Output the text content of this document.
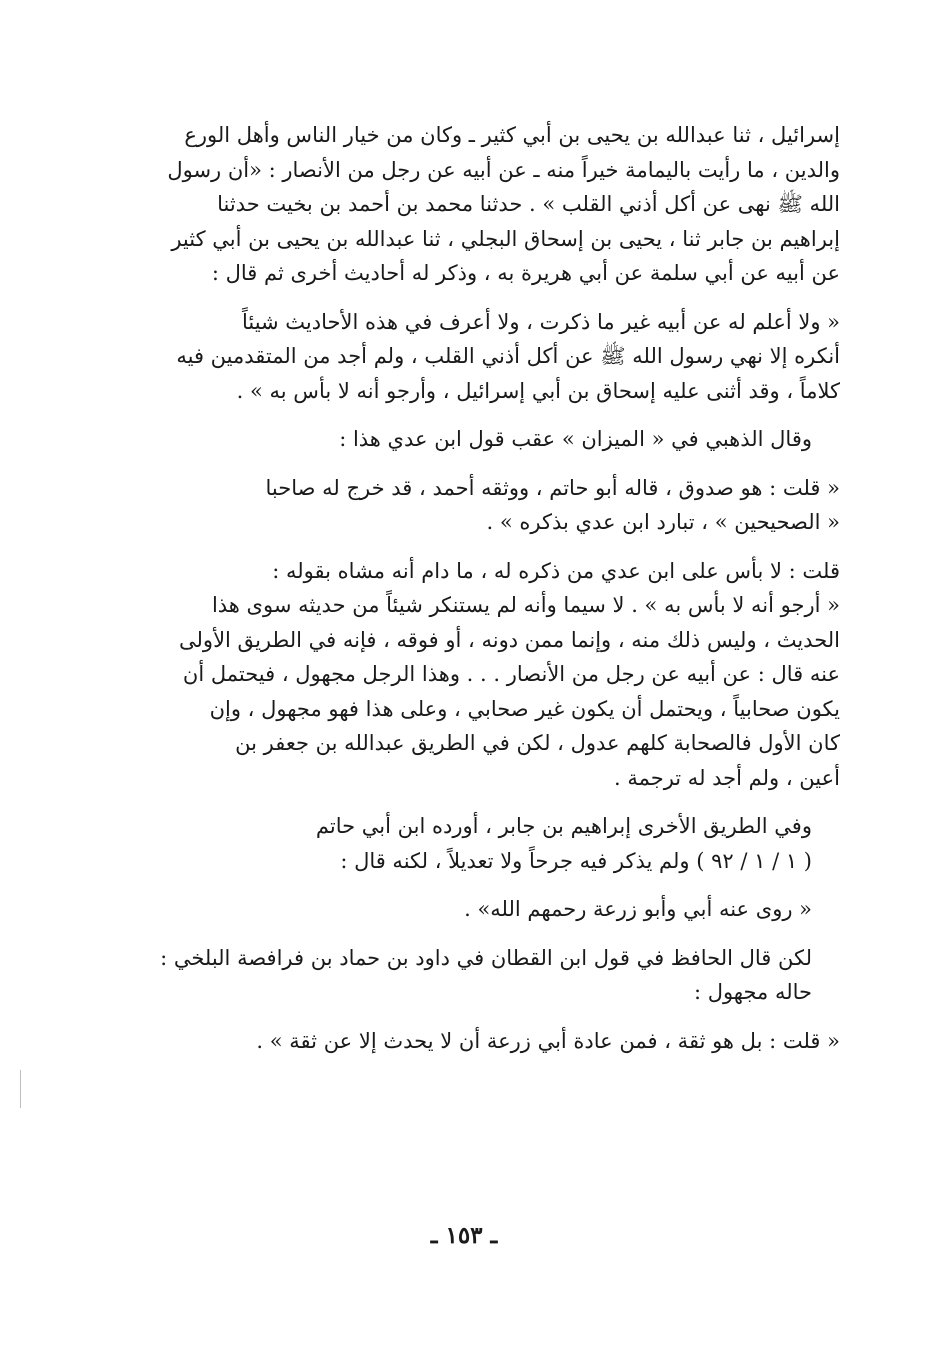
إسرائيل ، ثنا عبدالله بن يحيى بن أبي كثير ـ وكان من خيار الناس وأهل الورع
والدين ، ما رأيت باليمامة خيراً منه ـ عن أبيه عن رجل من الأنصار : «أن رسول
الله ﷺ نهى عن أكل أذني القلب » . حدثنا محمد بن أحمد بن بخيت حدثنا
إبراهيم بن جابر ثنا ، يحيى بن إسحاق البجلي ، ثنا عبدالله بن يحيى بن أبي كثير
عن أبيه عن أبي سلمة عن أبي هريرة به ، وذكر له أحاديث أخرى ثم قال :

« ولا أعلم له عن أبيه غير ما ذكرت ، ولا أعرف في هذه الأحاديث شيئاً
أنكره إلا نهي رسول الله ﷺ عن أكل أذني القلب ، ولم أجد من المتقدمين فيه
كلاماً ، وقد أثنى عليه إسحاق بن أبي إسرائيل ، وأرجو أنه لا بأس به » .

وقال الذهبي في « الميزان » عقب قول ابن عدي هذا :

« قلت : هو صدوق ، قاله أبو حاتم ، ووثقه أحمد ، قد خرج له صاحبا
« الصحيحين » ، تبارد ابن عدي بذكره » .

قلت : لا بأس على ابن عدي من ذكره له ، ما دام أنه مشاه بقوله :
« أرجو أنه لا بأس به » . لا سيما وأنه لم يستنكر شيئاً من حديثه سوى هذا
الحديث ، وليس ذلك منه ، وإنما ممن دونه ، أو فوقه ، فإنه في الطريق الأولى
عنه قال : عن أبيه عن رجل من الأنصار . . . وهذا الرجل مجهول ، فيحتمل أن
يكون صحابياً ، ويحتمل أن يكون غير صحابي ، وعلى هذا فهو مجهول ، وإن
كان الأول فالصحابة كلهم عدول ، لكن في الطريق عبدالله بن جعفر بن
أعين ، ولم أجد له ترجمة .

وفي الطريق الأخرى إبراهيم بن جابر ، أورده ابن أبي حاتم
( ١ / ١ / ٩٢ ) ولم يذكر فيه جرحاً ولا تعديلاً ، لكنه قال :

« روى عنه أبي وأبو زرعة رحمهم الله» .

لكن قال الحافظ في قول ابن القطان في داود بن حماد بن فرافصة البلخي :
حاله مجهول :

« قلت : بل هو ثقة ، فمن عادة أبي زرعة أن لا يحدث إلا عن ثقة » .

ـ ١٥٣ ـ
